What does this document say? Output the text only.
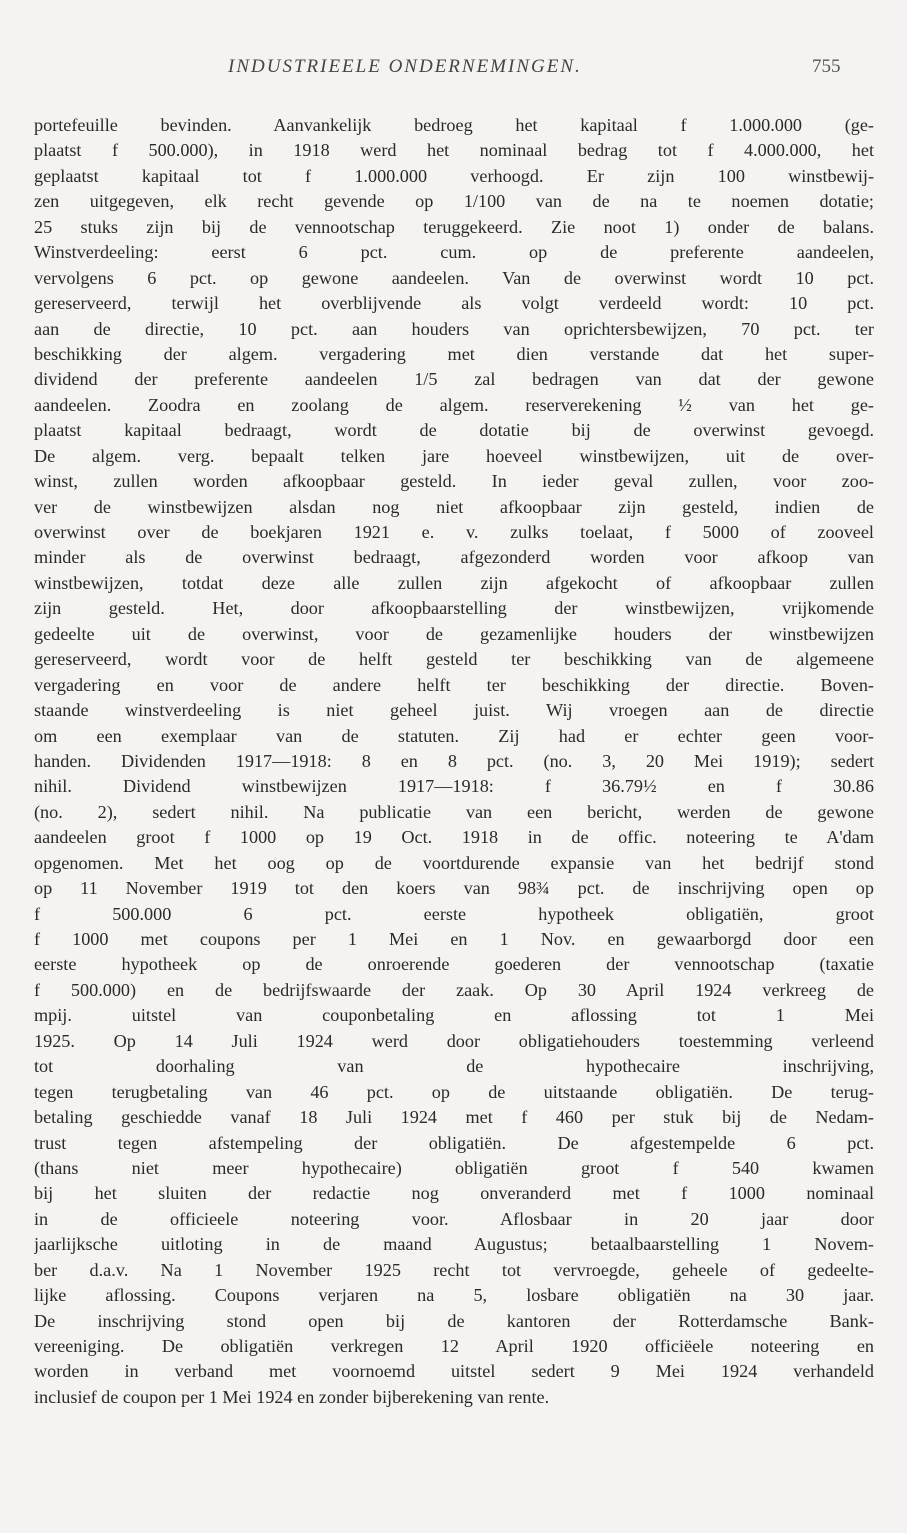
INDUSTRIEELE ONDERNEMINGEN.	755
portefeuille bevinden. Aanvankelijk bedroeg het kapitaal f 1.000.000 (ge-
plaatst f 500.000), in 1918 werd het nominaal bedrag tot f 4.000.000, het
geplaatst kapitaal tot f 1.000.000 verhoogd. Er zijn 100 winstbewij-
zen uitgegeven, elk recht gevende op 1/100 van de na te noemen dotatie;
25 stuks zijn bij de vennootschap teruggekeerd. Zie noot 1) onder de balans.
Winstverdeeling: eerst 6 pct. cum. op de preferente aandeelen,
vervolgens 6 pct. op gewone aandeelen. Van de overwinst wordt 10 pct.
gereserveerd, terwijl het overblijvende als volgt verdeeld wordt: 10 pct.
aan de directie, 10 pct. aan houders van oprichtersbewijzen, 70 pct. ter
beschikking der algem. vergadering met dien verstande dat het super-
dividend der preferente aandeelen 1/5 zal bedragen van dat der gewone
aandeelen. Zoodra en zoolang de algem. reserverekening ½ van het ge-
plaatst kapitaal bedraagt, wordt de dotatie bij de overwinst gevoegd.
De algem. verg. bepaalt telken jare hoeveel winstbewijzen, uit de over-
winst, zullen worden afkoopbaar gesteld. In ieder geval zullen, voor zoo-
ver de winstbewijzen alsdan nog niet afkoopbaar zijn gesteld, indien de
overwinst over de boekjaren 1921 e. v. zulks toelaat, f 5000 of zooveel
minder als de overwinst bedraagt, afgezonderd worden voor afkoop van
winstbewijzen, totdat deze alle zullen zijn afgekocht of afkoopbaar zullen
zijn gesteld. Het, door afkoopbaarstelling der winstbewijzen, vrijkomende
gedeelte uit de overwinst, voor de gezamenlijke houders der winstbewijzen
gereserveerd, wordt voor de helft gesteld ter beschikking van de algemeene
vergadering en voor de andere helft ter beschikking der directie. Boven-
staande winstverdeeling is niet geheel juist. Wij vroegen aan de directie
om een exemplaar van de statuten. Zij had er echter geen voor-
handen. Dividenden 1917—1918: 8 en 8 pct. (no. 3, 20 Mei 1919); sedert
nihil. Dividend winstbewijzen 1917—1918: f 36.79½ en f 30.86
(no. 2), sedert nihil. Na publicatie van een bericht, werden de gewone
aandeelen groot f 1000 op 19 Oct. 1918 in de offic. noteering te A'dam
opgenomen. Met het oog op de voortdurende expansie van het bedrijf stond
op 11 November 1919 tot den koers van 98¾ pct. de inschrijving open op
f 500.000 6 pct. eerste hypotheek obligatiën, groot
f 1000 met coupons per 1 Mei en 1 Nov. en gewaarborgd door een
eerste hypotheek op de onroerende goederen der vennootschap (taxatie
f 500.000) en de bedrijfswaarde der zaak. Op 30 April 1924 verkreeg de
mpij. uitstel van couponbetaling en aflossing tot 1 Mei
1925. Op 14 Juli 1924 werd door obligatiehouders toestemming verleend
tot doorhaling van de hypothecaire inschrijving,
tegen terugbetaling van 46 pct. op de uitstaande obligatiën. De terug-
betaling geschiedde vanaf 18 Juli 1924 met f 460 per stuk bij de Nedam-
trust tegen afstempeling der obligatiën. De afgestempelde 6 pct.
(thans niet meer hypothecaire) obligatiën groot f 540 kwamen
bij het sluiten der redactie nog onveranderd met f 1000 nominaal
in de officieele noteering voor. Aflosbaar in 20 jaar door
jaarlijksche uitloting in de maand Augustus; betaalbaarstelling 1 Novem-
ber d.a.v. Na 1 November 1925 recht tot vervroegde, geheele of gedeelte-
lijke aflossing. Coupons verjaren na 5, losbare obligatiën na 30 jaar.
De inschrijving stond open bij de kantoren der Rotterdamsche Bank-
vereeniging. De obligatiën verkregen 12 April 1920 officiëele noteering en
worden in verband met voornoemd uitstel sedert 9 Mei 1924 verhandeld
inclusief de coupon per 1 Mei 1924 en zonder bijberekening van rente.
